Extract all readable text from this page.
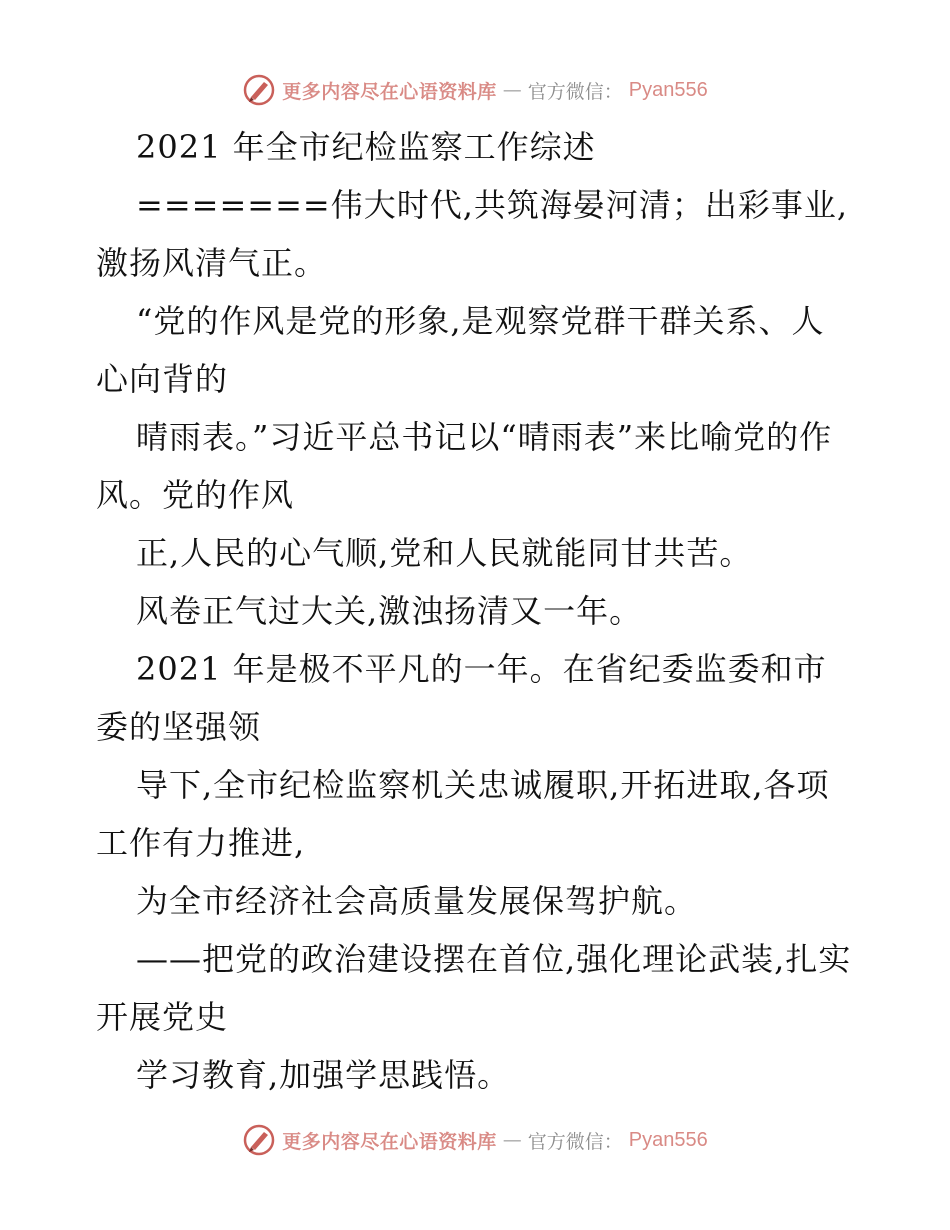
更多内容尽在心语资料库 — 官方微信： Pyan556

2021 年全市纪检监察工作综述

=======伟大时代,共筑海晏河清；出彩事业,激扬风清气正。

“党的作风是党的形象,是观察党群干群关系、人心向背的

晴雨表。”习近平总书记以“晴雨表”来比喻党的作风。党的作风

正,人民的心气顺,党和人民就能同甘共苦。

风卷正气过大关,激浊扬清又一年。

2021 年是极不平凡的一年。在省纪委监委和市委的坚强领

导下,全市纪检监察机关忠诚履职,开拓进取,各项工作有力推进,

为全市经济社会高质量发展保驾护航。

——把党的政治建设摆在首位,强化理论武装,扎实开展党史

学习教育,加强学思践悟。

更多内容尽在心语资料库 — 官方微信： Pyan556
